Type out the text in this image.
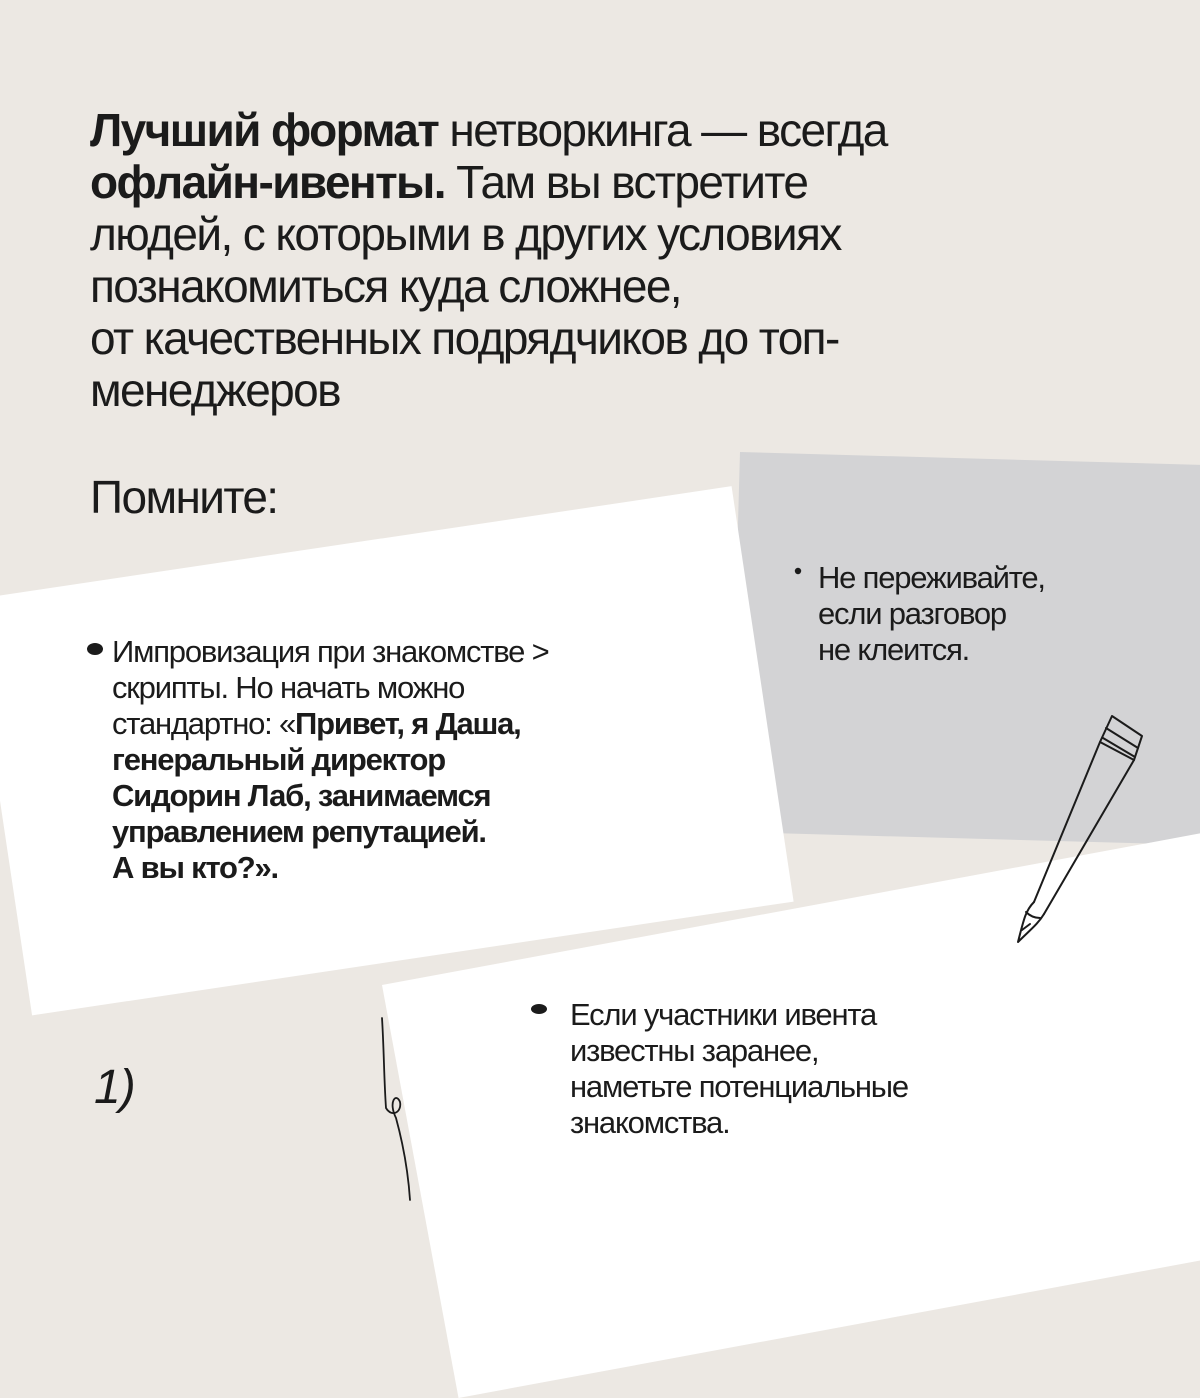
Лучший формат нетворкинга — всегда
офлайн-ивенты. Там вы встретите
людей, с которыми в других условиях
познакомиться куда сложнее,
от качественных подрядчиков до топ-
менеджеров

Помните:

Не переживайте,
если разговор
не клеится.

Импровизация при знакомстве >
скрипты. Но начать можно
стандартно: «Привет, я Даша,
генеральный директор
Сидорин Лаб, занимаемся
управлением репутацией.
А вы кто?».

Если участники ивента
известны заранее,
наметьте потенциальные
знакомства.

1)
